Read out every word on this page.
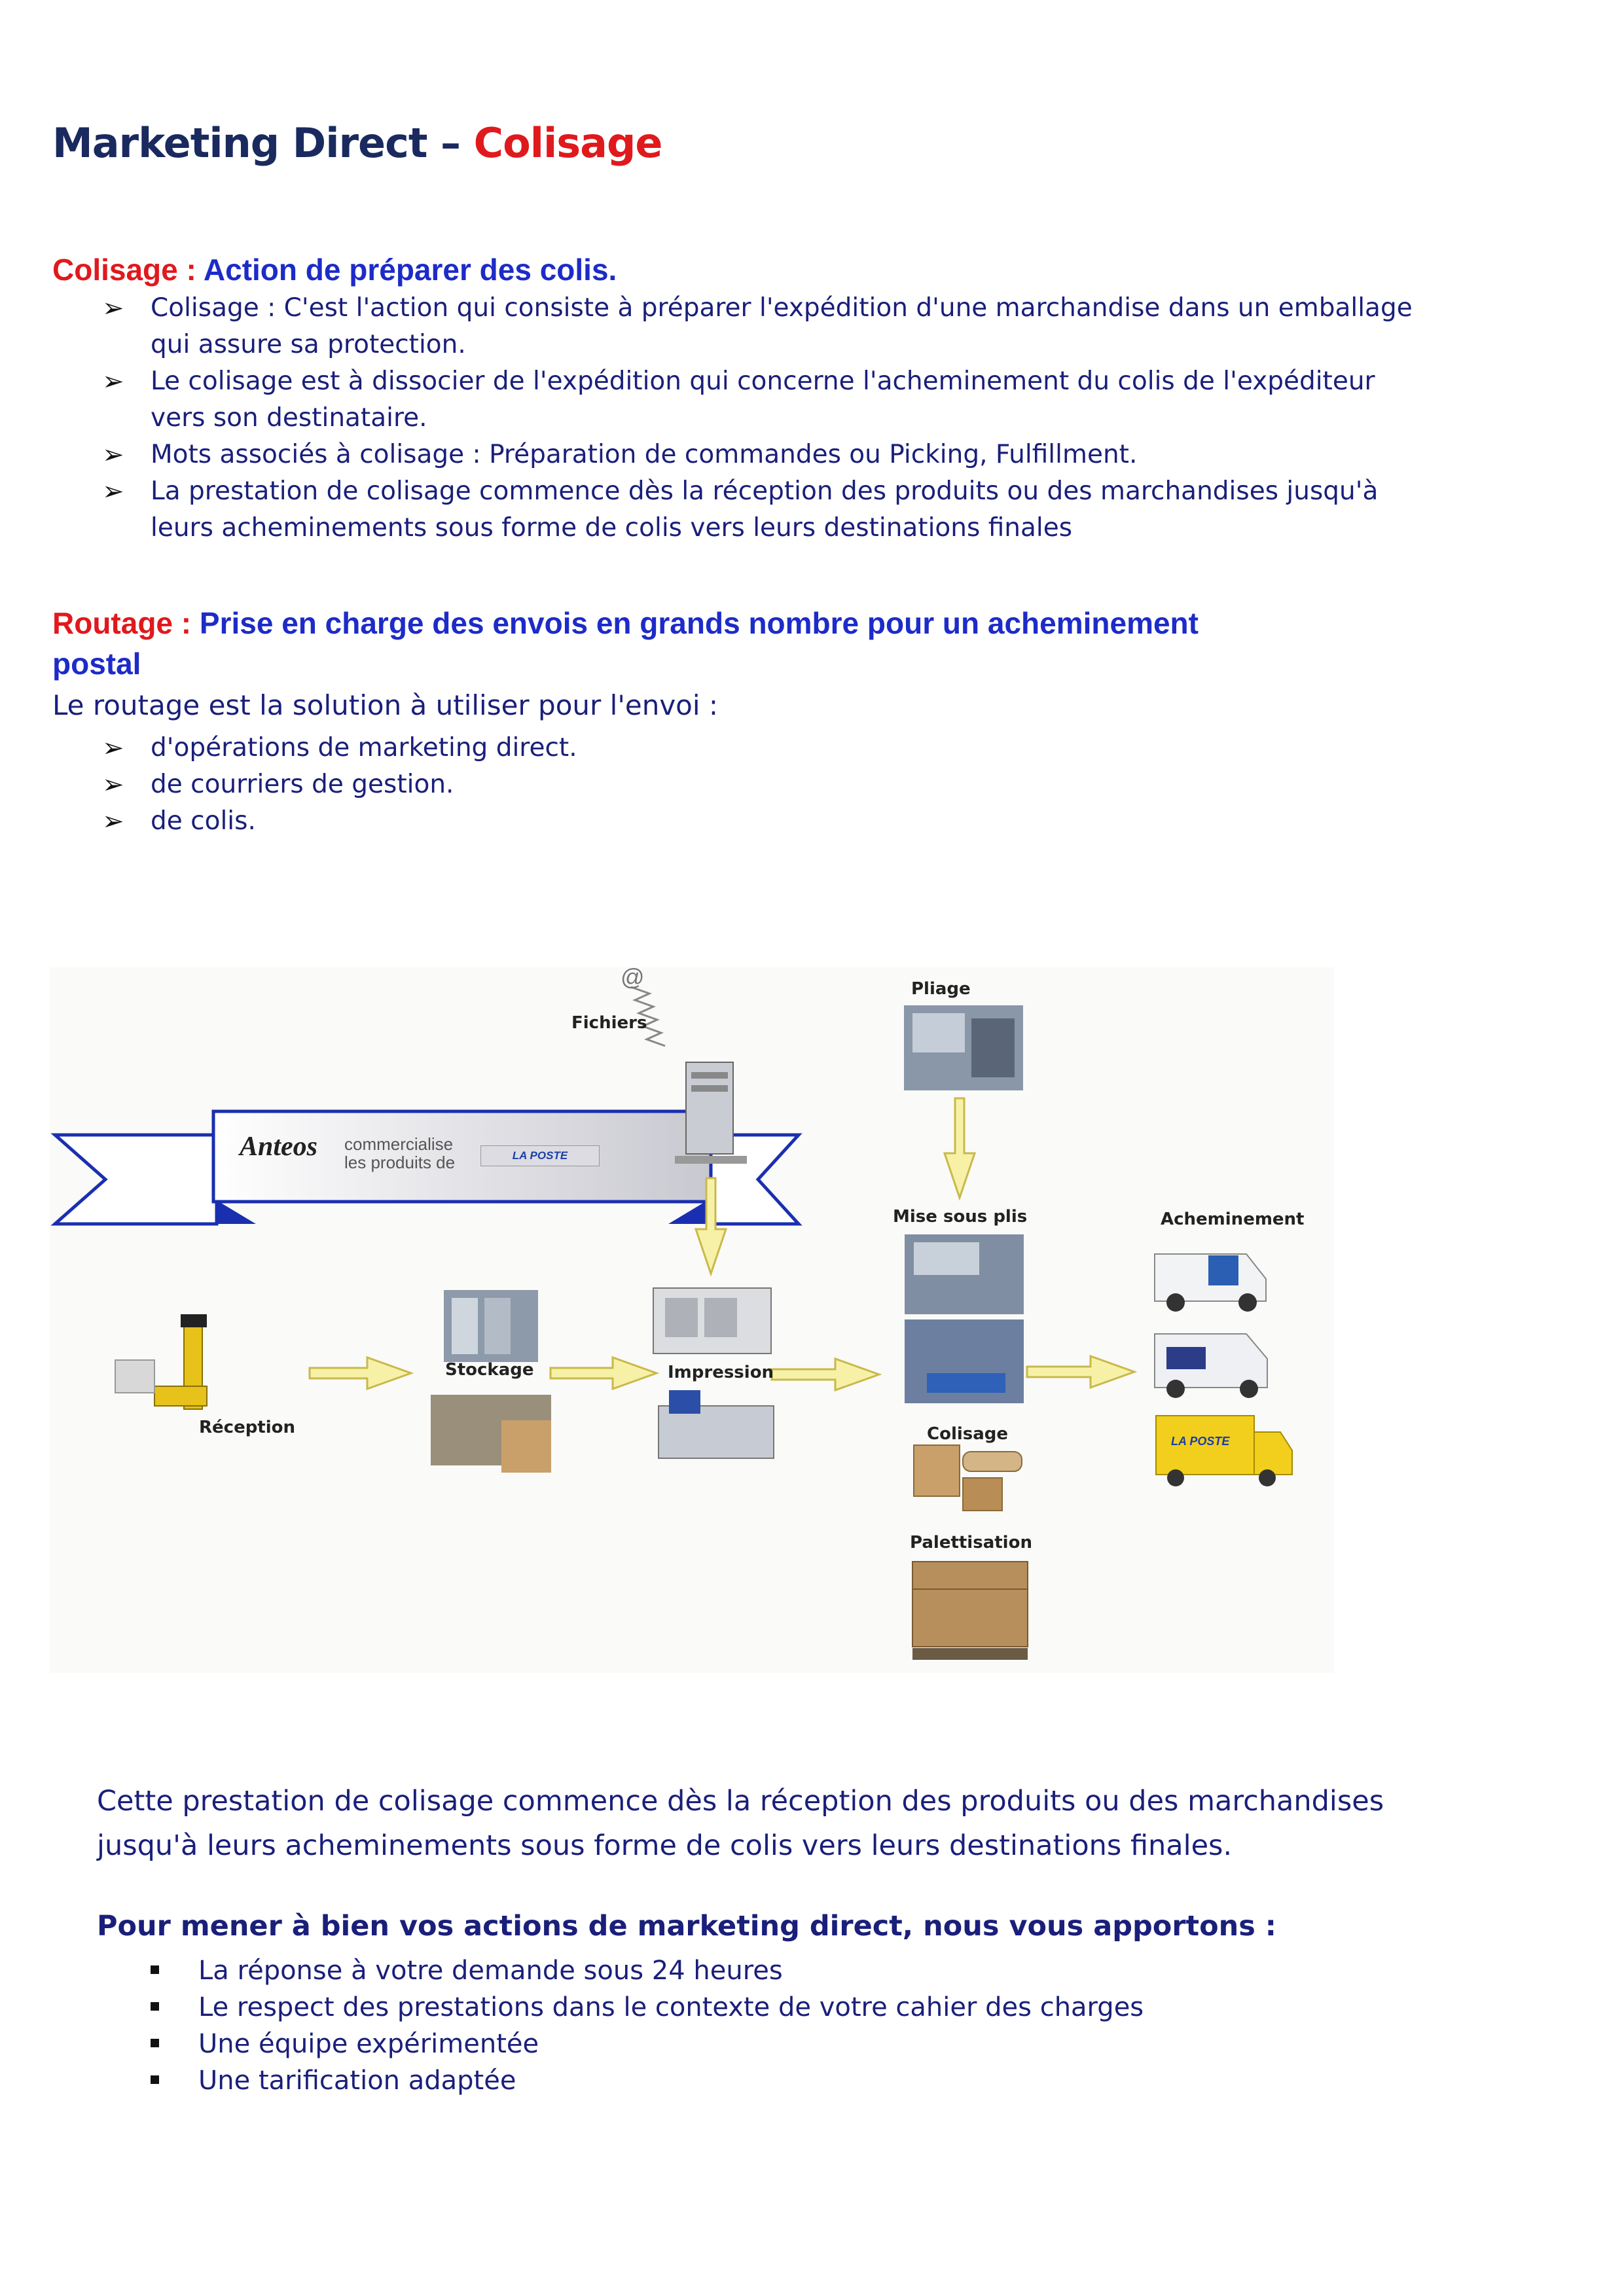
Marketing Direct – Colisage
Colisage : Action de préparer des colis.
➢ Colisage : C'est l'action qui consiste à préparer l'expédition d'une marchandise dans un emballage qui assure sa protection.
➢ Le colisage est à dissocier de l'expédition qui concerne l'acheminement du colis de l'expéditeur vers son destinataire.
➢ Mots associés à colisage : Préparation de commandes ou Picking, Fulfillment.
➢ La prestation de colisage commence dès la réception des produits ou des marchandises jusqu'à leurs acheminements sous forme de colis vers leurs destinations finales
Routage : Prise en charge des envois en grands nombre pour un acheminement
postal
Le routage est la solution à utiliser pour l'envoi :
➢ d'opérations de marketing direct.
➢ de courriers de gestion.
➢ de colis.
Anteos commercialise
les produits de	LA POSTE
@
LA POSTE
Fichiers
Pliage
Mise sous plis	Acheminement
Réception
Stockage	Impression
Colisage
Palettisation
Cette prestation de colisage commence dès la réception des produits ou des marchandises jusqu'à leurs acheminements sous forme de colis vers leurs destinations finales.
Pour mener à bien vos actions de marketing direct, nous vous apportons :
La réponse à votre demande sous 24 heures
Le respect des prestations dans le contexte de votre cahier des charges
Une équipe expérimentée
Une tarification adaptée
